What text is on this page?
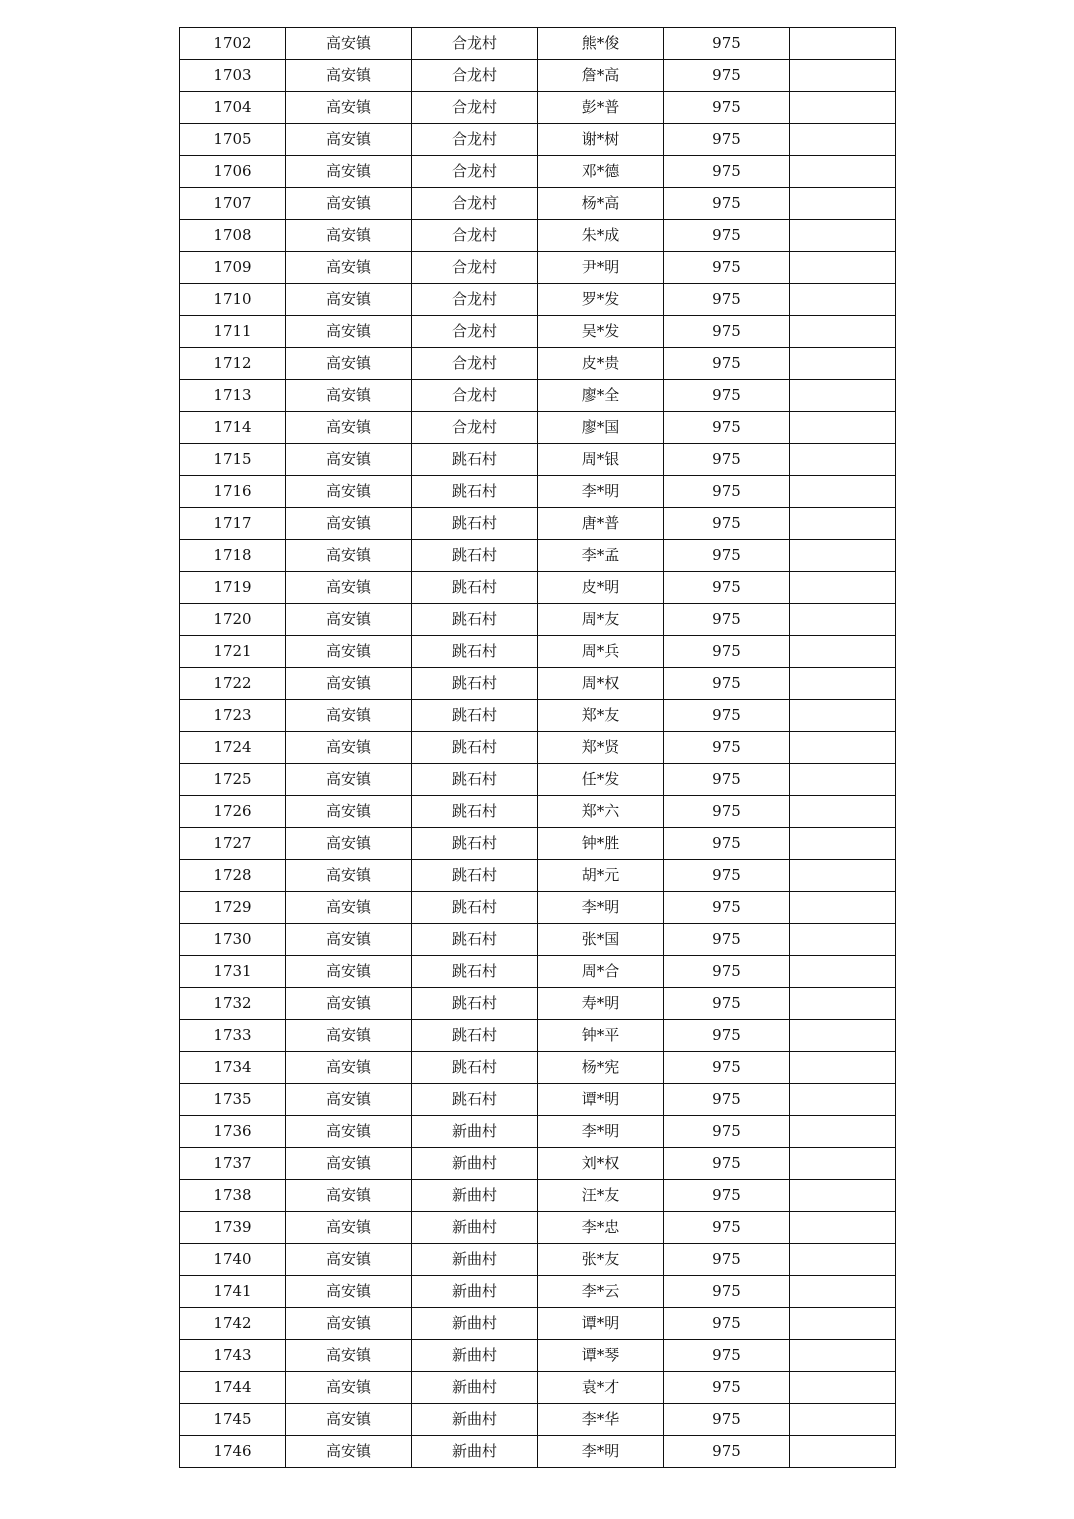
1702	高安镇	合龙村	熊*俊	975	
1703	高安镇	合龙村	詹*高	975	
1704	高安镇	合龙村	彭*普	975	
1705	高安镇	合龙村	谢*树	975	
1706	高安镇	合龙村	邓*德	975	
1707	高安镇	合龙村	杨*高	975	
1708	高安镇	合龙村	朱*成	975	
1709	高安镇	合龙村	尹*明	975	
1710	高安镇	合龙村	罗*发	975	
1711	高安镇	合龙村	吴*发	975	
1712	高安镇	合龙村	皮*贵	975	
1713	高安镇	合龙村	廖*全	975	
1714	高安镇	合龙村	廖*国	975	
1715	高安镇	跳石村	周*银	975	
1716	高安镇	跳石村	李*明	975	
1717	高安镇	跳石村	唐*普	975	
1718	高安镇	跳石村	李*孟	975	
1719	高安镇	跳石村	皮*明	975	
1720	高安镇	跳石村	周*友	975	
1721	高安镇	跳石村	周*兵	975	
1722	高安镇	跳石村	周*权	975	
1723	高安镇	跳石村	郑*友	975	
1724	高安镇	跳石村	郑*贤	975	
1725	高安镇	跳石村	任*发	975	
1726	高安镇	跳石村	郑*六	975	
1727	高安镇	跳石村	钟*胜	975	
1728	高安镇	跳石村	胡*元	975	
1729	高安镇	跳石村	李*明	975	
1730	高安镇	跳石村	张*国	975	
1731	高安镇	跳石村	周*合	975	
1732	高安镇	跳石村	寿*明	975	
1733	高安镇	跳石村	钟*平	975	
1734	高安镇	跳石村	杨*宪	975	
1735	高安镇	跳石村	谭*明	975	
1736	高安镇	新曲村	李*明	975	
1737	高安镇	新曲村	刘*权	975	
1738	高安镇	新曲村	汪*友	975	
1739	高安镇	新曲村	李*忠	975	
1740	高安镇	新曲村	张*友	975	
1741	高安镇	新曲村	李*云	975	
1742	高安镇	新曲村	谭*明	975	
1743	高安镇	新曲村	谭*琴	975	
1744	高安镇	新曲村	袁*才	975	
1745	高安镇	新曲村	李*华	975	
1746	高安镇	新曲村	李*明	975	
